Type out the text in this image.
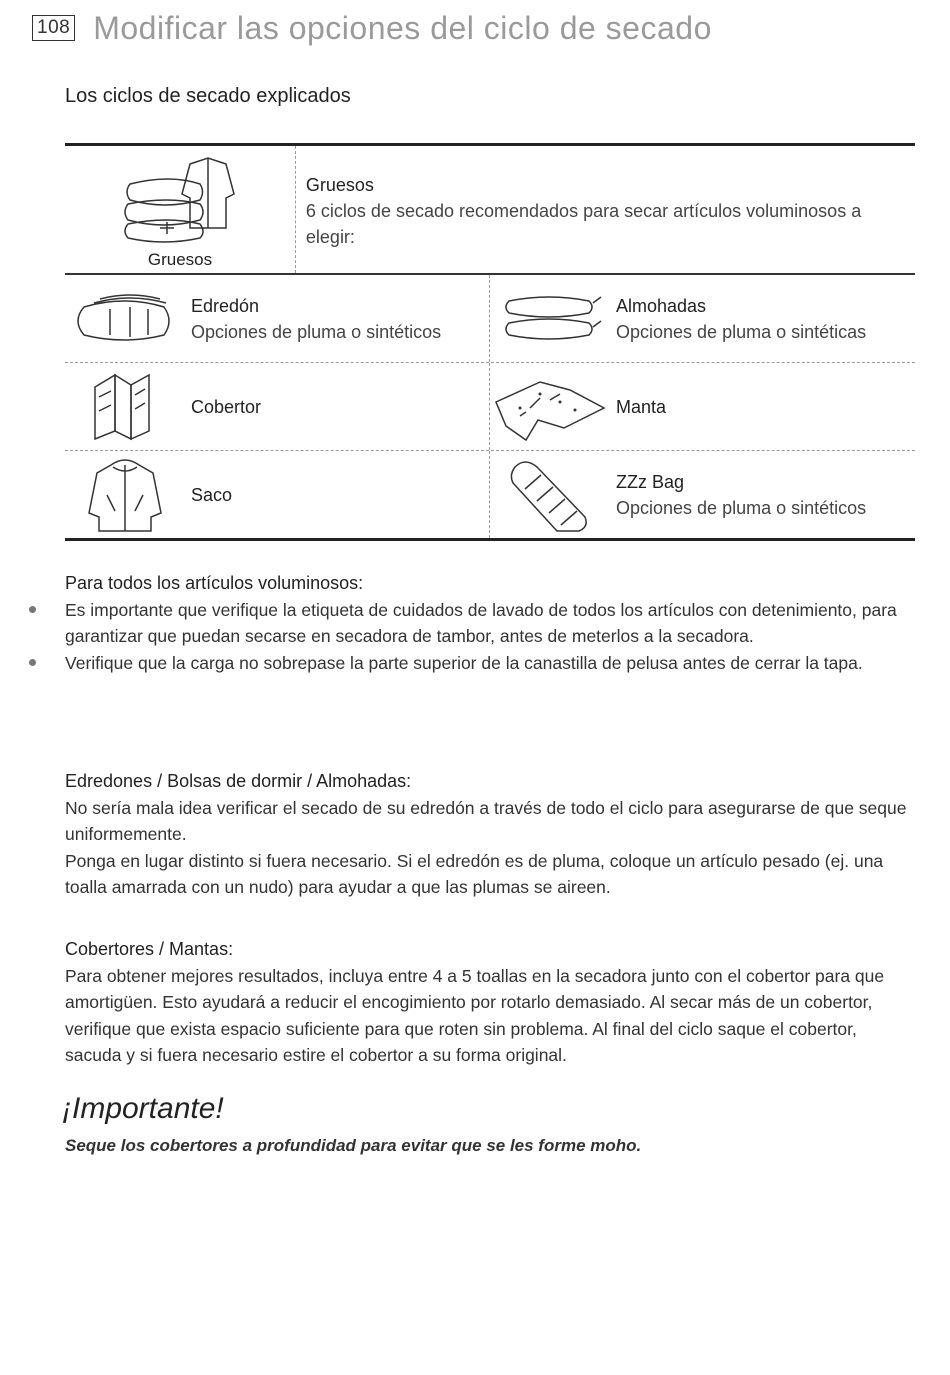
108 Modificar las opciones del ciclo de secado
Los ciclos de secado explicados
Gruesos
Gruesos
6 ciclos de secado recomendados para secar artículos voluminosos a elegir:
Edredón
Opciones de pluma o sintéticos
Almohadas
Opciones de pluma o sintéticas
Cobertor	Manta
Saco
ZZz Bag
Opciones de pluma o sintéticos
Para todos los artículos voluminosos:
Es importante que verifique la etiqueta de cuidados de lavado de todos los artículos con detenimiento, para garantizar que puedan secarse en secadora de tambor, antes de meterlos a la secadora.
Verifique que la carga no sobrepase la parte superior de la canastilla de pelusa antes de cerrar la tapa.
Edredones / Bolsas de dormir / Almohadas:
No sería mala idea verificar el secado de su edredón a través de todo el ciclo para asegurarse de que seque uniformemente.
Ponga en lugar distinto si fuera necesario. Si el edredón es de pluma, coloque un artículo pesado (ej. una toalla amarrada con un nudo) para ayudar a que las plumas se aireen.
Cobertores / Mantas:
Para obtener mejores resultados, incluya entre 4 a 5 toallas en la secadora junto con el cobertor para que amortigüen. Esto ayudará a reducir el encogimiento por rotarlo demasiado. Al secar más de un cobertor, verifique que exista espacio suficiente para que roten sin problema. Al final del ciclo saque el cobertor, sacuda y si fuera necesario estire el cobertor a su forma original.
¡Importante!
Seque los cobertores a profundidad para evitar que se les forme moho.
